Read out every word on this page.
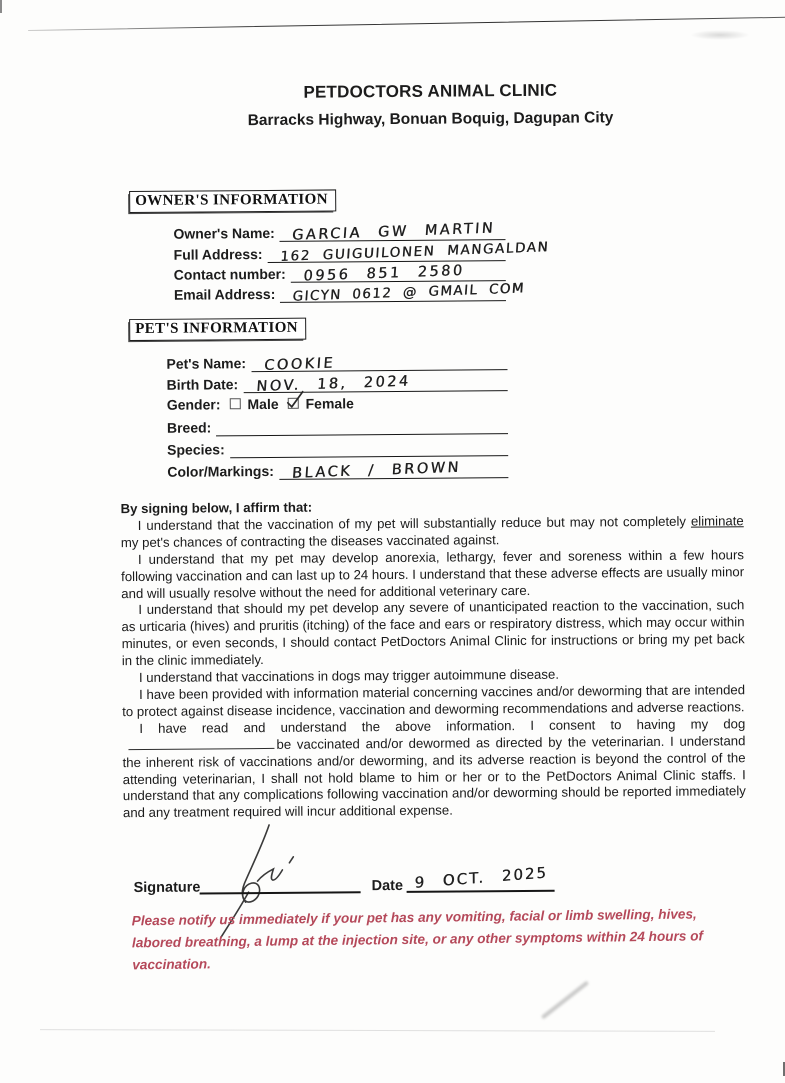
PETDOCTORS ANIMAL CLINIC
Barracks Highway, Bonuan Boquig, Dagupan City
OWNER'S INFORMATION
Owner's Name:	GARCIA GW MARTIN
Full Address:	162 GUIGUILONEN MANGALDAN
Contact number:	0956 851 2580
Email Address:	GICYN 0612 @ GMAIL COM
PET'S INFORMATION
Pet's Name:	COOKIE
Birth Date:	NOV. 18, 2024
Gender: Male Female
Breed:
Species:
Color/Markings:	BLACK / BROWN

By signing below, I affirm that:

I understand that the vaccination of my pet will substantially reduce but may not completely eliminate my pet's chances of contracting the diseases vaccinated against.

I understand that my pet may develop anorexia, lethargy, fever and soreness within a few hours following vaccination and can last up to 24 hours. I understand that these adverse effects are usually minor and will usually resolve without the need for additional veterinary care.

I understand that should my pet develop any severe of unanticipated reaction to the vaccination, such as urticaria (hives) and pruritis (itching) of the face and ears or respiratory distress, which may occur within minutes, or even seconds, I should contact PetDoctors Animal Clinic for instructions or bring my pet back in the clinic immediately.

I understand that vaccinations in dogs may trigger autoimmune disease.

I have been provided with information material concerning vaccines and/or deworming that are intended to protect against disease incidence, vaccination and deworming recommendations and adverse reactions.

I have read and understand the above information. I consent to having my dogbe vaccinated and/or dewormed as directed by the veterinarian. I understand the inherent risk of vaccinations and/or deworming, and its adverse reaction is beyond the control of the attending veterinarian, I shall not hold blame to him or her or to the PetDoctors Animal Clinic staffs. I understand that any complications following vaccination and/or deworming should be reported immediately and any treatment required will incur additional expense.

Signature	Date 9 OCT. 2025
Please notify us immediately if your pet has any vomiting, facial or limb swelling, hives, labored breathing, a lump at the injection site, or any other symptoms within 24 hours of vaccination.
